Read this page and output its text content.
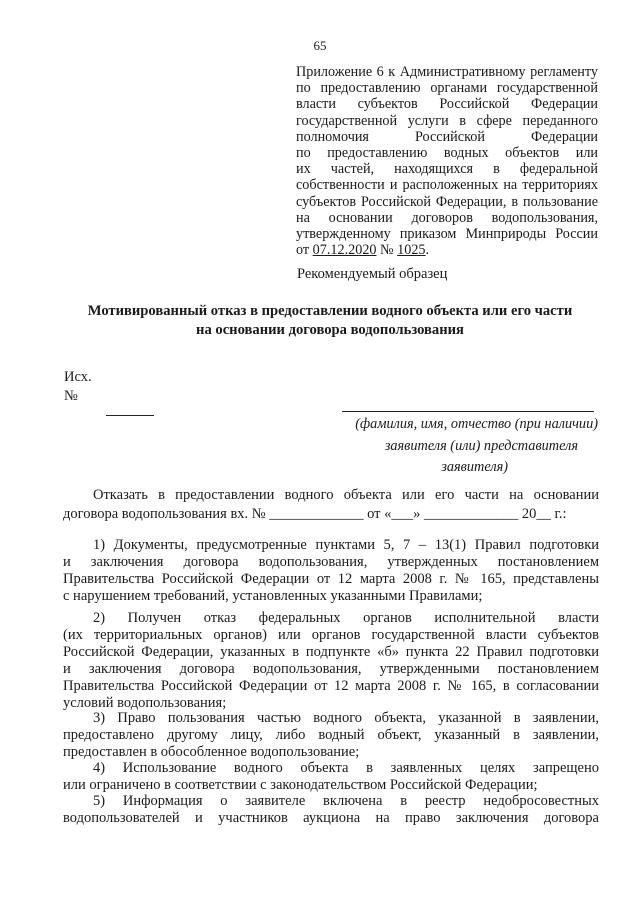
65
Приложение 6 к Административному регламенту
по предоставлению органами государственной
власти субъектов Российской Федерации
государственной услуги в сфере переданного
полномочия Российской Федерации
по предоставлению водных объектов или
их частей, находящихся в федеральной
собственности и расположенных на территориях
субъектов Российской Федерации, в пользование
на основании договоров водопользования,
утвержденному приказом Минприроды России
от 07.12.2020 № 1025.
Рекомендуемый образец
Мотивированный отказ в предоставлении водного объекта или его части
на основании договора водопользования
Исх.
№
(фамилия, имя, отчество (при наличии)
заявителя (или) представителя
заявителя)
Отказать в предоставлении водного объекта или его части на основании
договора водопользования вх. № _____________ от «___» _____________ 20__ г.:
1) Документы, предусмотренные пунктами 5, 7 – 13(1) Правил подготовки
и заключения договора водопользования, утвержденных постановлением
Правительства Российской Федерации от 12 марта 2008 г. № 165, представлены
с нарушением требований, установленных указанными Правилами;
2) Получен отказ федеральных органов исполнительной власти
(их территориальных органов) или органов государственной власти субъектов
Российской Федерации, указанных в подпункте «б» пункта 22 Правил подготовки
и заключения договора водопользования, утвержденными постановлением
Правительства Российской Федерации от 12 марта 2008 г. № 165, в согласовании
условий водопользования;
3) Право пользования частью водного объекта, указанной в заявлении,
предоставлено другому лицу, либо водный объект, указанный в заявлении,
предоставлен в обособленное водопользование;
4) Использование водного объекта в заявленных целях запрещено
или ограничено в соответствии с законодательством Российской Федерации;
5) Информация о заявителе включена в реестр недобросовестных
водопользователей и участников аукциона на право заключения договора
